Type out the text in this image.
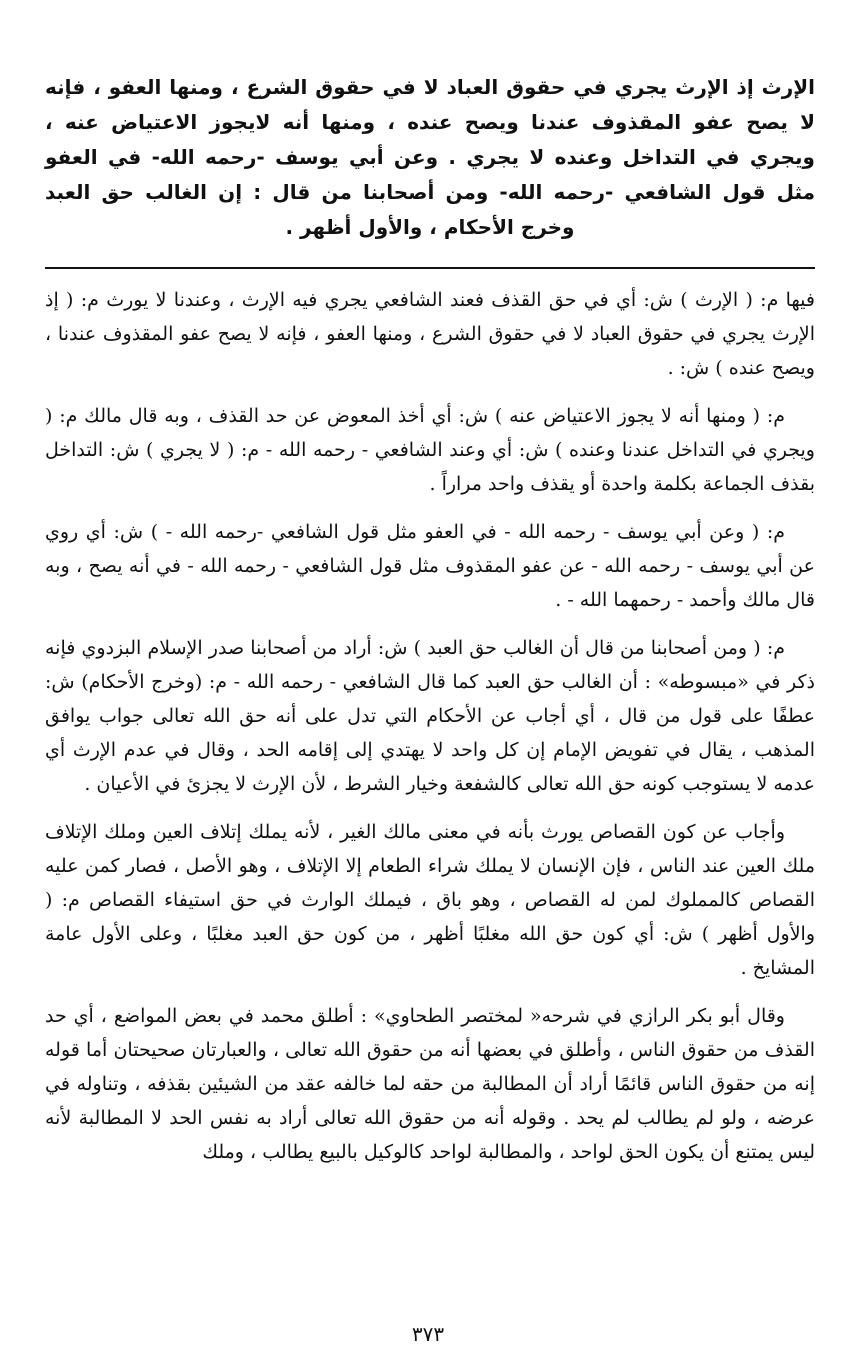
الإرث إذ الإرث يجري في حقوق العباد لا في حقوق الشرع ، ومنها العفو ، فإنه لا يصح عفو المقذوف عندنا ويصح عنده ، ومنها أنه لايجوز الاعتياض عنه ، ويجري في التداخل وعنده لا يجري . وعن أبي يوسف -رحمه الله- في العفو مثل قول الشافعي -رحمه الله- ومن أصحابنا من قال : إن الغالب حق العبد وخرج الأحكام ، والأول أظهر .

فيها م: ( الإرث ) ش: أي في حق القذف فعند الشافعي يجري فيه الإرث ، وعندنا لا يورث م: ( إذ الإرث يجري في حقوق العباد لا في حقوق الشرع ، ومنها العفو ، فإنه لا يصح عفو المقذوف عندنا ، ويصح عنده ) ش: .

م: ( ومنها أنه لا يجوز الاعتياض عنه ) ش: أي أخذ المعوض عن حد القذف ، وبه قال مالك م: ( ويجري في التداخل عندنا وعنده ) ش: أي وعند الشافعي - رحمه الله - م: ( لا يجري ) ش: التداخل بقذف الجماعة بكلمة واحدة أو يقذف واحد مراراً .

م: ( وعن أبي يوسف - رحمه الله - في العفو مثل قول الشافعي -رحمه الله - ) ش: أي روي عن أبي يوسف - رحمه الله - عن عفو المقذوف مثل قول الشافعي - رحمه الله - في أنه يصح ، وبه قال مالك وأحمد - رحمهما الله - .

م: ( ومن أصحابنا من قال أن الغالب حق العبد ) ش: أراد من أصحابنا صدر الإسلام البزدوي فإنه ذكر في «مبسوطه» : أن الغالب حق العبد كما قال الشافعي - رحمه الله - م: (وخرج الأحكام) ش: عطفًا على قول من قال ، أي أجاب عن الأحكام التي تدل على أنه حق الله تعالى جواب يوافق المذهب ، يقال في تفويض الإمام إن كل واحد لا يهتدي إلى إقامه الحد ، وقال في عدم الإرث أي عدمه لا يستوجب كونه حق الله تعالى كالشفعة وخيار الشرط ، لأن الإرث لا يجزئ في الأعيان .

وأجاب عن كون القصاص يورث بأنه في معنى مالك الغير ، لأنه يملك إتلاف العين وملك الإتلاف ملك العين عند الناس ، فإن الإنسان لا يملك شراء الطعام إلا الإتلاف ، وهو الأصل ، فصار كمن عليه القصاص كالمملوك لمن له القصاص ، وهو باق ، فيملك الوارث في حق استيفاء القصاص م: ( والأول أظهر ) ش: أي كون حق الله مغلبًا أظهر ، من كون حق العبد مغلبًا ، وعلى الأول عامة المشايخ .

وقال أبو بكر الرازي في شرحه« لمختصر الطحاوي» : أطلق محمد في بعض المواضع ، أي حد القذف من حقوق الناس ، وأطلق في بعضها أنه من حقوق الله تعالى ، والعبارتان صحيحتان أما قوله إنه من حقوق الناس قائمًا أراد أن المطالبة من حقه لما خالفه عقد من الشيئين بقذفه ، وتناوله في عرضه ، ولو لم يطالب لم يحد . وقوله أنه من حقوق الله تعالى أراد به نفس الحد لا المطالبة لأنه ليس يمتنع أن يكون الحق لواحد ، والمطالبة لواحد كالوكيل بالبيع يطالب ، وملك

٣٧٣
